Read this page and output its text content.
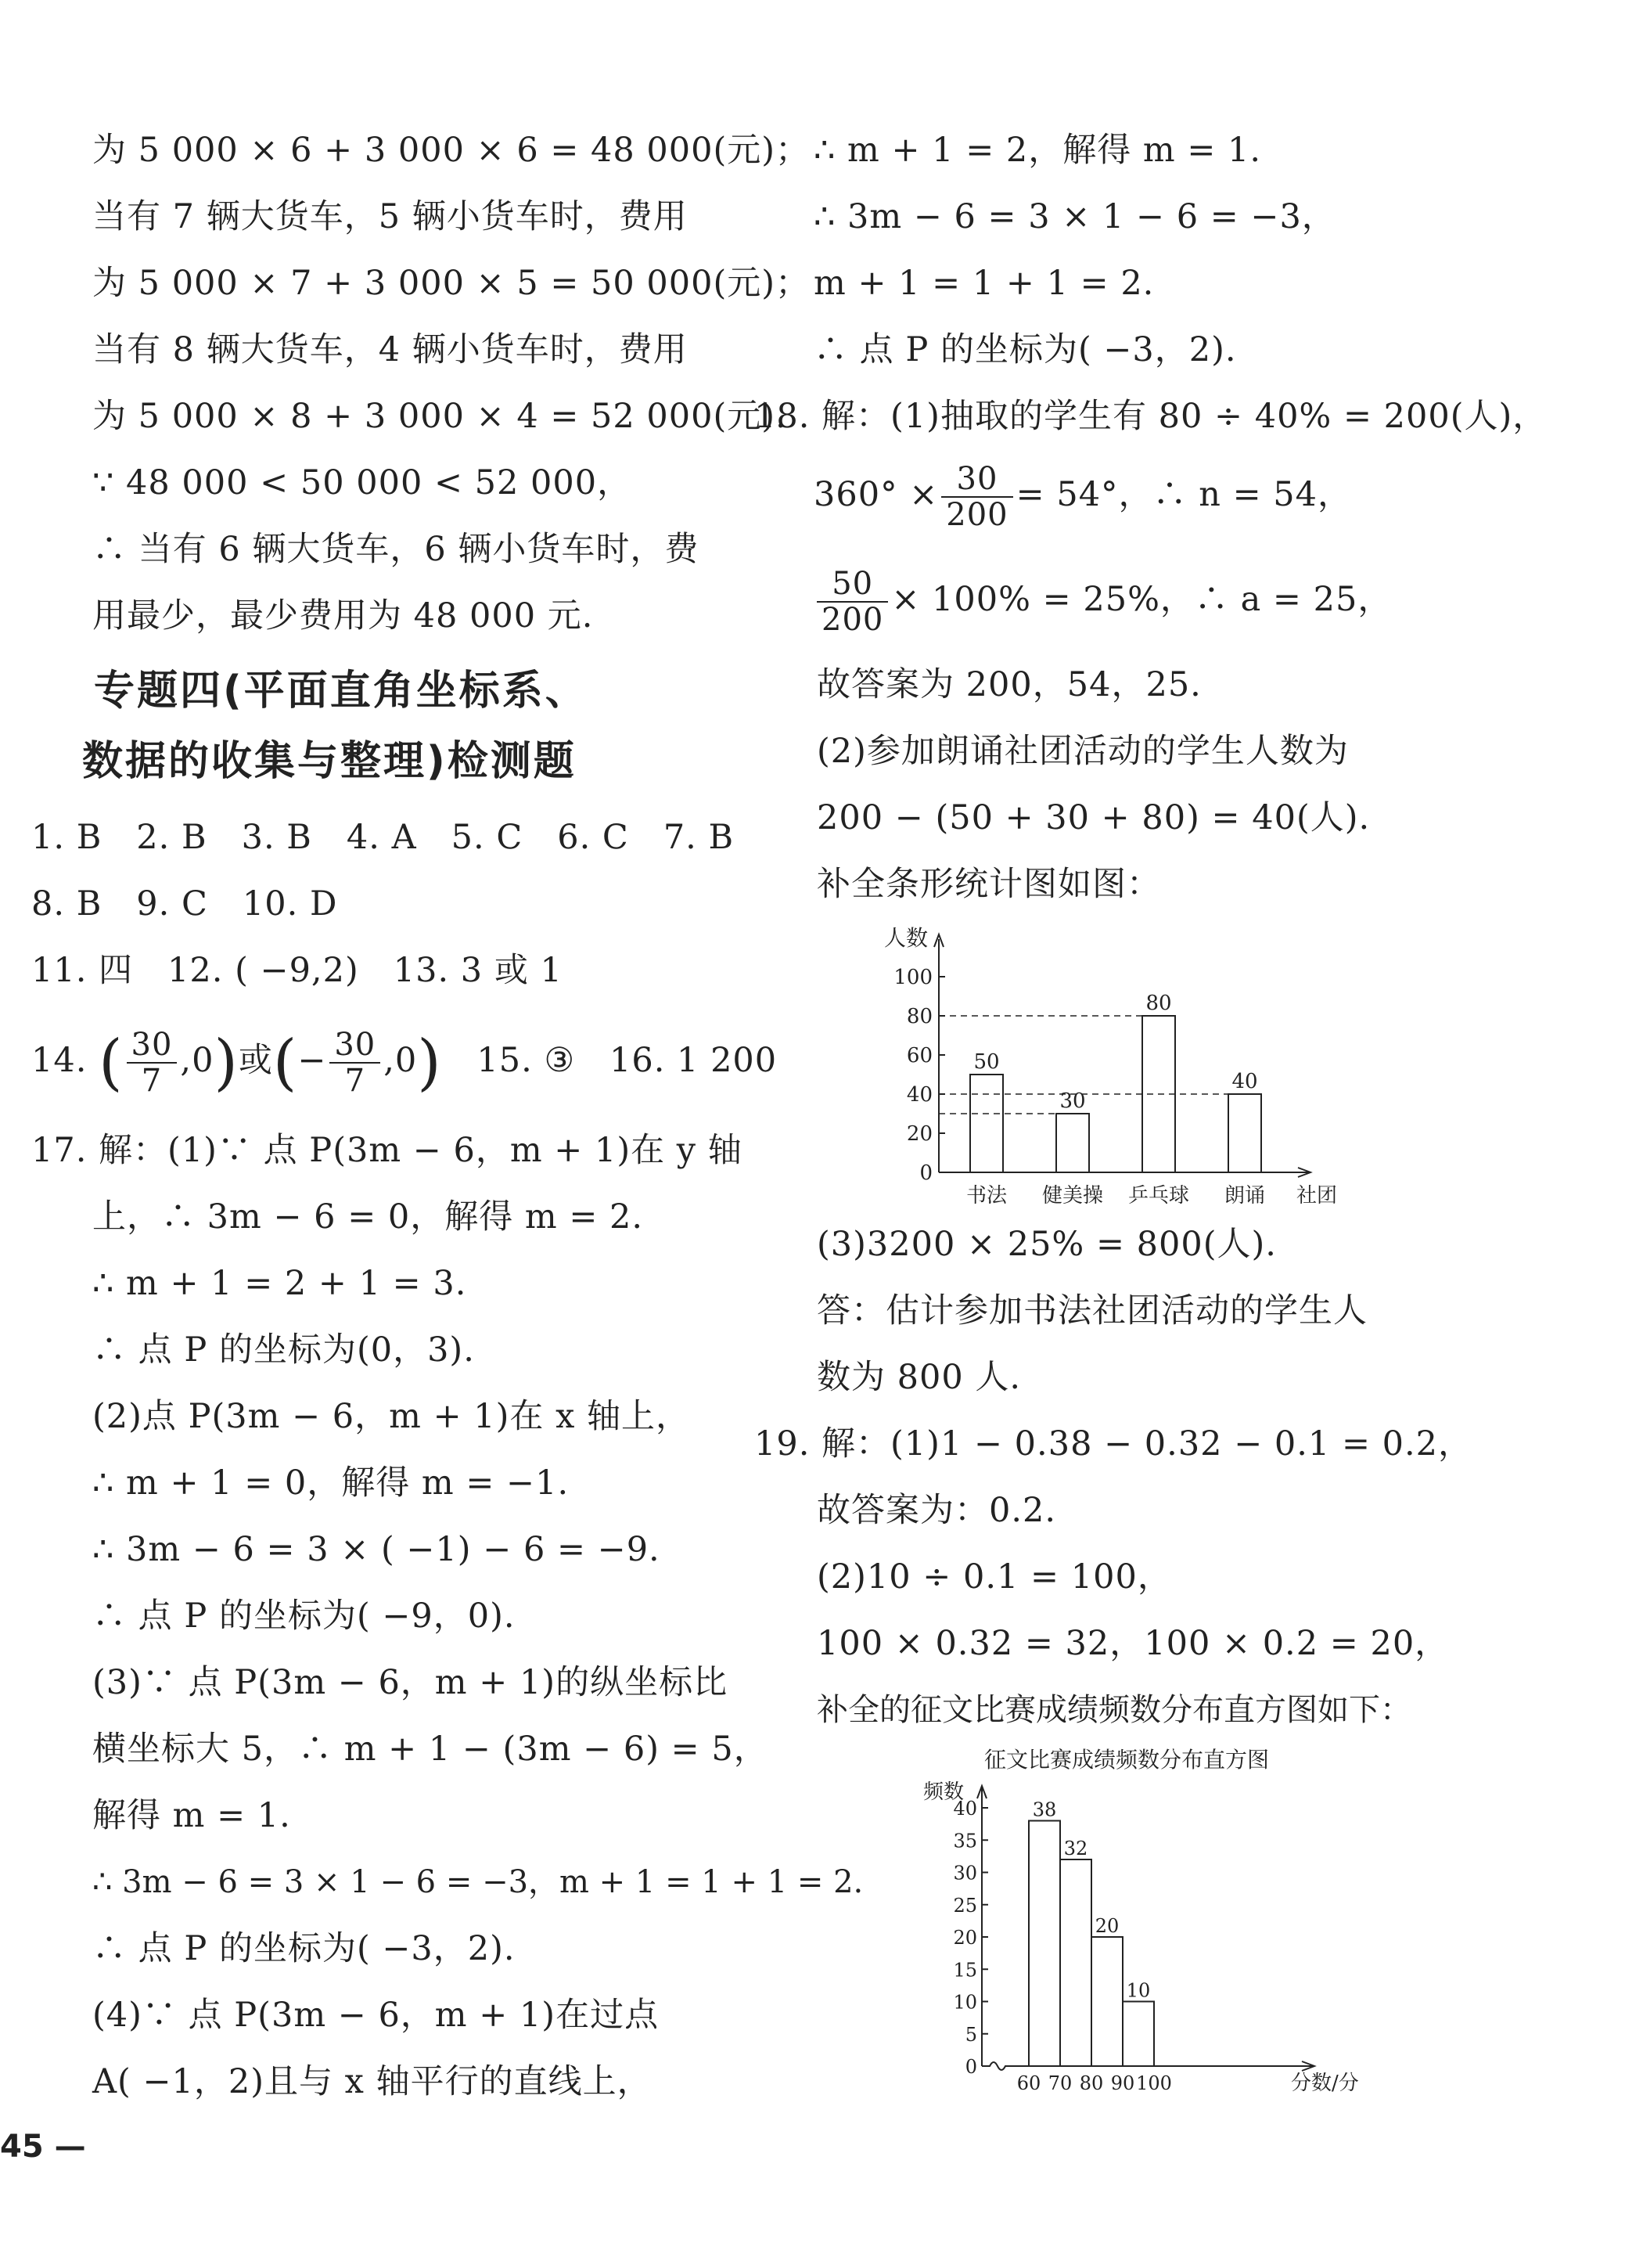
为 5 000 × 6 + 3 000 × 6 = 48 000(元)；
当有 7 辆大货车，5 辆小货车时，费用
为 5 000 × 7 + 3 000 × 5 = 50 000(元)；
当有 8 辆大货车，4 辆小货车时，费用
为 5 000 × 8 + 3 000 × 4 = 52 000(元).
∵ 48 000 < 50 000 < 52 000，
∴ 当有 6 辆大货车，6 辆小货车时，费
用最少，最少费用为 48 000 元.
专题四(平面直角坐标系、
数据的收集与整理)检测题
1. B　2. B　3. B　4. A　5. C　6. C　7. B
8. B　9. C　10. D
11. 四　12. ( −9,2)　13. 3 或 1
14. ( $\frac{30}{7} ,0$)或(− $\frac{30}{7} ,0$) 15. ③　16. 1 200
17. 解：(1)∵ 点 P(3m − 6，m + 1)在 y 轴
上，∴ 3m − 6 = 0，解得 m = 2.
∴ m + 1 = 2 + 1 = 3.
∴ 点 P 的坐标为(0，3).
(2)点 P(3m − 6，m + 1)在 x 轴上，
∴ m + 1 = 0，解得 m = −1.
∴ 3m − 6 = 3 × ( −1) − 6 = −9.
∴ 点 P 的坐标为( −9，0).
(3)∵ 点 P(3m − 6，m + 1)的纵坐标比
横坐标大 5，∴ m + 1 − (3m − 6) = 5，
解得 m = 1.
∴ 3m − 6 = 3 × 1 − 6 = −3，m + 1 = 1 + 1 = 2.
∴ 点 P 的坐标为( −3，2).
(4)∵ 点 P(3m − 6，m + 1)在过点
A( −1，2)且与 x 轴平行的直线上，
45 —
∴ m + 1 = 2，解得 m = 1.
∴ 3m − 6 = 3 × 1 − 6 = −3，
m + 1 = 1 + 1 = 2.
∴ 点 P 的坐标为( −3，2).
18. 解：(1)抽取的学生有 80 ÷ 40% = 200(人)，
$360^\circ \times \frac{30}{200} = 54^\circ$，∴ n = 54，
$\frac{50}{200} \times 100\% = 25\%$，∴ a = 25，
故答案为 200，54，25.
(2)参加朗诵社团活动的学生人数为
200 − (50 + 30 + 80) = 40(人).
补全条形统计图如图：
人数
社团
0
20
40
60
80
100
50
书法
30
健美操
80
乒乓球
40
朗诵
(3)3200 × 25% = 800(人).
答：估计参加书法社团活动的学生人
数为 800 人.
19. 解：(1)1 − 0.38 − 0.32 − 0.1 = 0.2，
故答案为：0.2.
(2)10 ÷ 0.1 = 100，
100 × 0.32 = 32，100 × 0.2 = 20，
补全的征文比赛成绩频数分布直方图如下：
征文比赛成绩频数分布直方图
频数
分数/分
0
5
10
15
20
25
30
35
40
60 70 80 90 100
38
32
20
10
